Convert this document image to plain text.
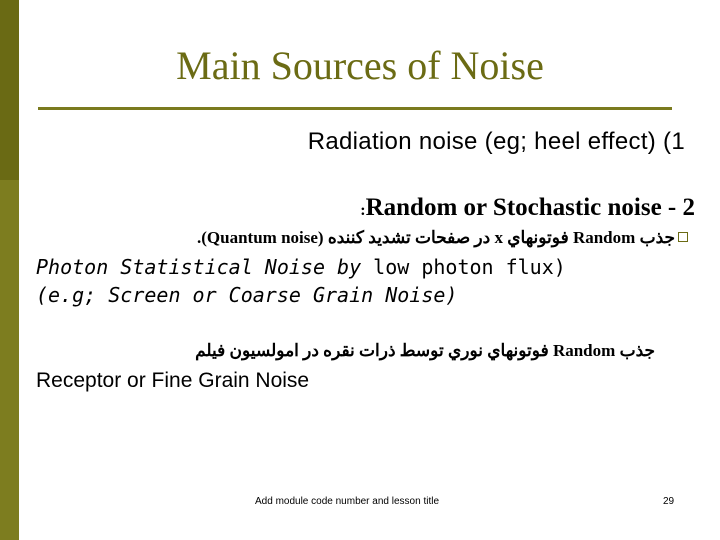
Main Sources of Noise
Radiation noise (eg; heel effect) (1
:Random or Stochastic noise - 2
جذب Random فوتونهاي x در صفحات تشديد كننده (Quantum noise).
Photon Statistical Noise by low photon flux)
(e.g; Screen or Coarse Grain Noise)
جذب Random فوتونهاي نوري توسط ذرات نقره در امولسيون فيلم
Receptor or Fine Grain Noise
Add module code number and lesson title	29
